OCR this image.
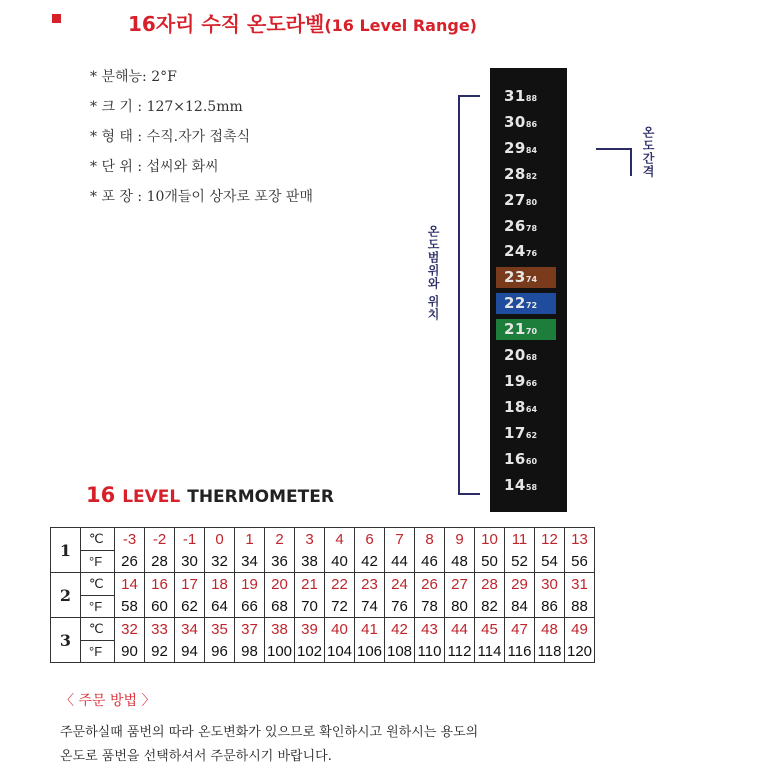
16자리 수직 온도라벨(16 Level Range)
* 분해능: 2°F
* 크 기 : 127×12.5mm
* 형 태 : 수직.자가 접촉식
* 단 위 : 섭씨와 화씨
* 포 장 : 10개들이 상자로 포장 판매
온도범위와 위치
3188
3086
2984
2882
2780
2678
2476
2374
2272
2170
2068
1966
1864
1762
1660
1458
온도간격
16 LEVEL THERMOMETER
1	℃	-3	-2	-1	0	1	2	3	4	6	7	8	9	10	11	12	13
	°F	26	28	30	32	34	36	38	40	42	44	46	48	50	52	54	56
2	℃	14	16	17	18	19	20	21	22	23	24	26	27	28	29	30	31
	°F	58	60	62	64	66	68	70	72	74	76	78	80	82	84	86	88
3	℃	32	33	34	35	37	38	39	40	41	42	43	44	45	47	48	49
	°F	90	92	94	96	98	100	102	104	106	108	110	112	114	116	118	120
〈 주문 방법 〉
주문하실때 품번의 따라 온도변화가 있으므로 확인하시고 원하시는 용도의
온도로 품번을 선택하셔서 주문하시기 바랍니다.
